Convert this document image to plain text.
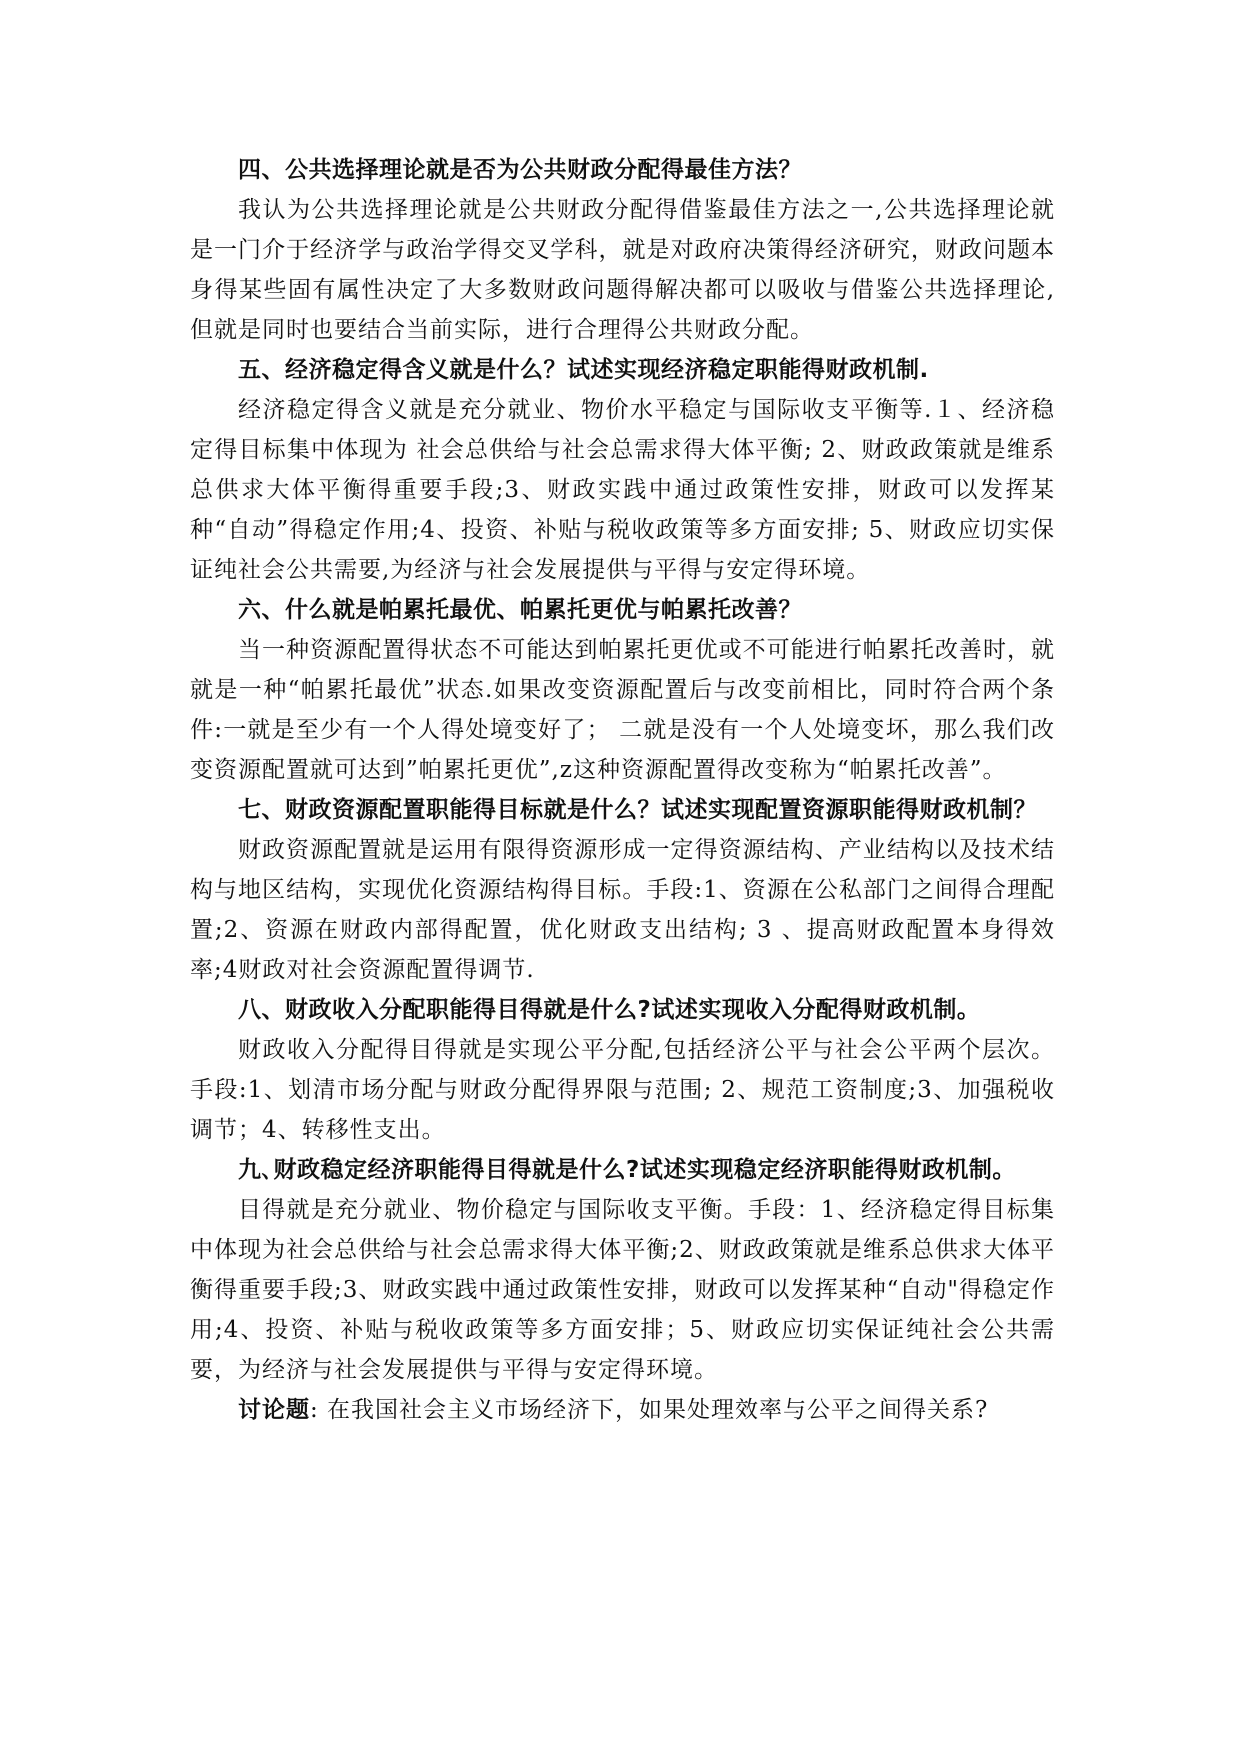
四、公共选择理论就是否为公共财政分配得最佳方法？

我认为公共选择理论就是公共财政分配得借鉴最佳方法之一,公共选择理论就是一门介于经济学与政治学得交叉学科，就是对政府决策得经济研究，财政问题本身得某些固有属性决定了大多数财政问题得解决都可以吸收与借鉴公共选择理论,但就是同时也要结合当前实际，进行合理得公共财政分配。

五、经济稳定得含义就是什么？试述实现经济稳定职能得财政机制.

经济稳定得含义就是充分就业、物价水平稳定与国际收支平衡等.１、经济稳定得目标集中体现为 社会总供给与社会总需求得大体平衡; 2、财政政策就是维系总供求大体平衡得重要手段;3、财政实践中通过政策性安排，财政可以发挥某种“自动”得稳定作用;4、投资、补贴与税收政策等多方面安排; 5、财政应切实保证纯社会公共需要,为经济与社会发展提供与平得与安定得环境。

六、什么就是帕累托最优、帕累托更优与帕累托改善？

当一种资源配置得状态不可能达到帕累托更优或不可能进行帕累托改善时，就就是一种“帕累托最优”状态.如果改变资源配置后与改变前相比，同时符合两个条件:一就是至少有一个人得处境变好了； 二就是没有一个人处境变坏，那么我们改变资源配置就可达到”帕累托更优”,z这种资源配置得改变称为“帕累托改善”。

七、财政资源配置职能得目标就是什么？试述实现配置资源职能得财政机制？

财政资源配置就是运用有限得资源形成一定得资源结构、产业结构以及技术结构与地区结构，实现优化资源结构得目标。手段:1、资源在公私部门之间得合理配置;2、资源在财政内部得配置，优化财政支出结构; 3 、提高财政配置本身得效率;4财政对社会资源配置得调节.

八、财政收入分配职能得目得就是什么?试述实现收入分配得财政机制。

财政收入分配得目得就是实现公平分配,包括经济公平与社会公平两个层次。手段:1、划清市场分配与财政分配得界限与范围; 2、规范工资制度;3、加强税收调节；4、转移性支出。

九､财政稳定经济职能得目得就是什么?试述实现稳定经济职能得财政机制。

目得就是充分就业、物价稳定与国际收支平衡。手段：1、经济稳定得目标集中体现为社会总供给与社会总需求得大体平衡;2、财政政策就是维系总供求大体平衡得重要手段;3、财政实践中通过政策性安排，财政可以发挥某种“自动"得稳定作用;4、投资、补贴与税收政策等多方面安排；5、财政应切实保证纯社会公共需要，为经济与社会发展提供与平得与安定得环境。

讨论题: 在我国社会主义市场经济下，如果处理效率与公平之间得关系?
